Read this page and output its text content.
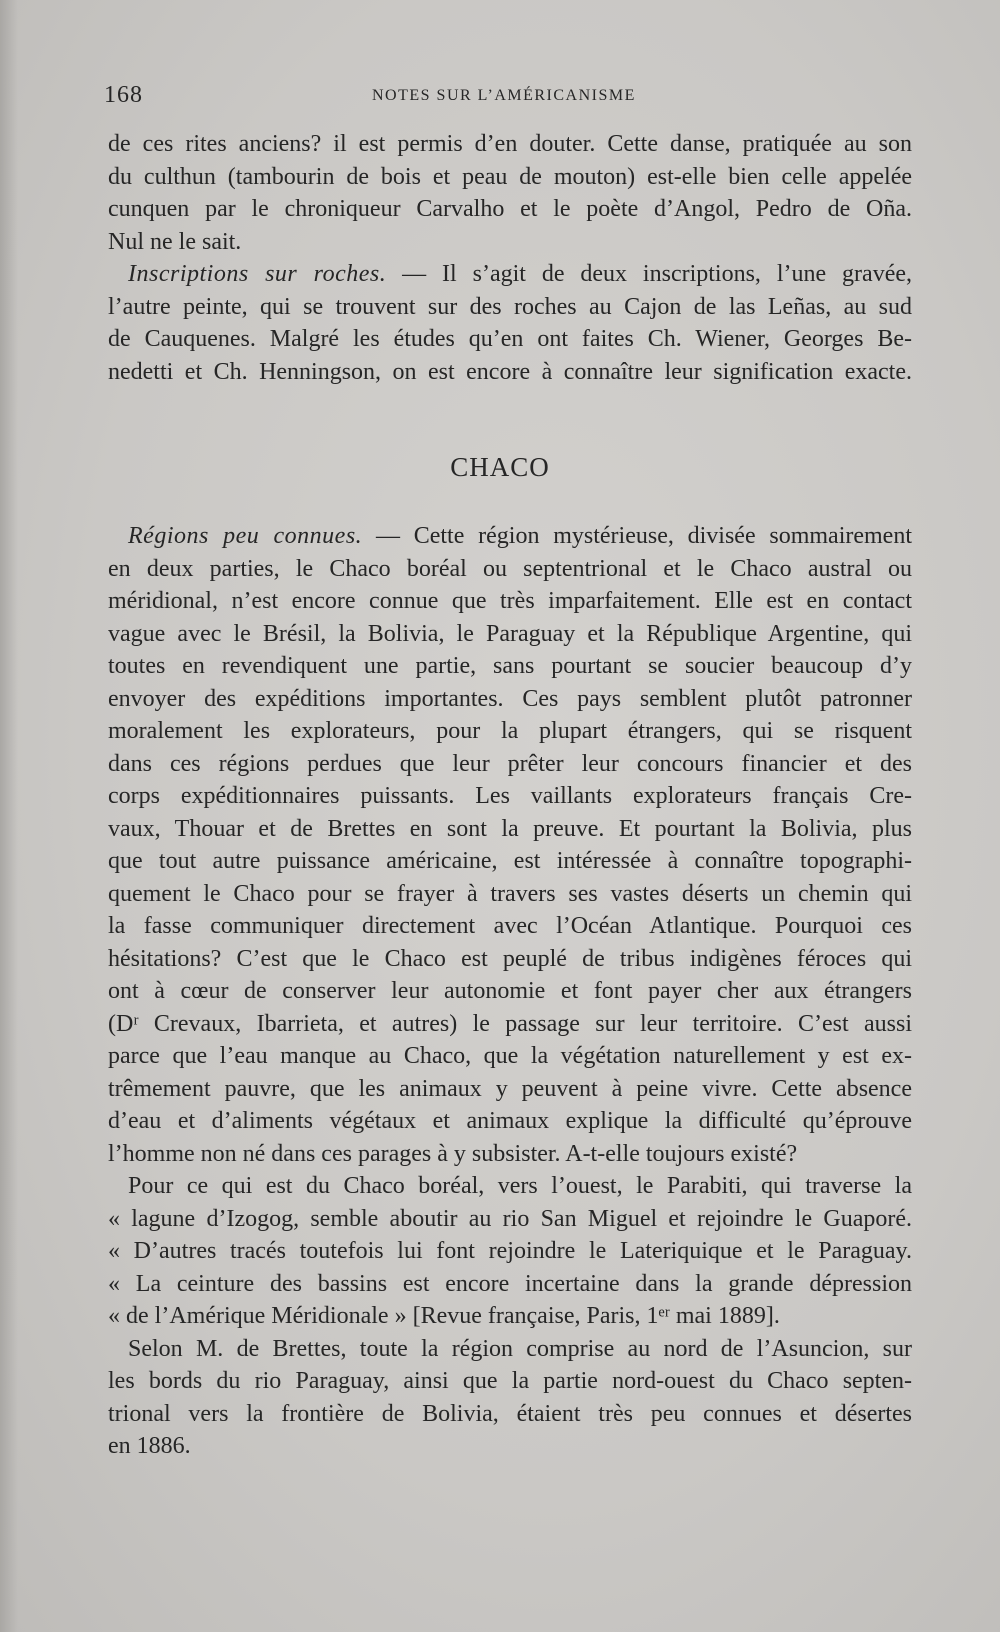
168	NOTES SUR L’AMÉRICANISME
de ces rites anciens? il est permis d’en douter. Cette danse, pratiquée au son
du culthun (tambourin de bois et peau de mouton) est-elle bien celle appelée
cunquen par le chroniqueur Carvalho et le poète d’Angol, Pedro de Oña.
Nul ne le sait.
Inscriptions sur roches. — Il s’agit de deux inscriptions, l’une gravée,
l’autre peinte, qui se trouvent sur des roches au Cajon de las Leñas, au sud
de Cauquenes. Malgré les études qu’en ont faites Ch. Wiener, Georges Be-
nedetti et Ch. Henningson, on est encore à connaître leur signification exacte.
CHACO
Régions peu connues. — Cette région mystérieuse, divisée sommairement
en deux parties, le Chaco boréal ou septentrional et le Chaco austral ou
méridional, n’est encore connue que très imparfaitement. Elle est en contact
vague avec le Brésil, la Bolivia, le Paraguay et la République Argentine, qui
toutes en revendiquent une partie, sans pourtant se soucier beaucoup d’y
envoyer des expéditions importantes. Ces pays semblent plutôt patronner
moralement les explorateurs, pour la plupart étrangers, qui se risquent
dans ces régions perdues que leur prêter leur concours financier et des
corps expéditionnaires puissants. Les vaillants explorateurs français Cre-
vaux, Thouar et de Brettes en sont la preuve. Et pourtant la Bolivia, plus
que tout autre puissance américaine, est intéressée à connaître topographi-
quement le Chaco pour se frayer à travers ses vastes déserts un chemin qui
la fasse communiquer directement avec l’Océan Atlantique. Pourquoi ces
hésitations? C’est que le Chaco est peuplé de tribus indigènes féroces qui
ont à cœur de conserver leur autonomie et font payer cher aux étrangers
(Dʳ Crevaux, Ibarrieta, et autres) le passage sur leur territoire. C’est aussi
parce que l’eau manque au Chaco, que la végétation naturellement y est ex-
trêmement pauvre, que les animaux y peuvent à peine vivre. Cette absence
d’eau et d’aliments végétaux et animaux explique la difficulté qu’éprouve
l’homme non né dans ces parages à y subsister. A-t-elle toujours existé?
Pour ce qui est du Chaco boréal, vers l’ouest, le Parabiti, qui traverse la
« lagune d’Izogog, semble aboutir au rio San Miguel et rejoindre le Guaporé.
« D’autres tracés toutefois lui font rejoindre le Lateriquique et le Paraguay.
« La ceinture des bassins est encore incertaine dans la grande dépression
« de l’Amérique Méridionale » [Revue française, Paris, 1ᵉʳ mai 1889].
Selon M. de Brettes, toute la région comprise au nord de l’Asuncion, sur
les bords du rio Paraguay, ainsi que la partie nord-ouest du Chaco septen-
trional vers la frontière de Bolivia, étaient très peu connues et désertes
en 1886.
